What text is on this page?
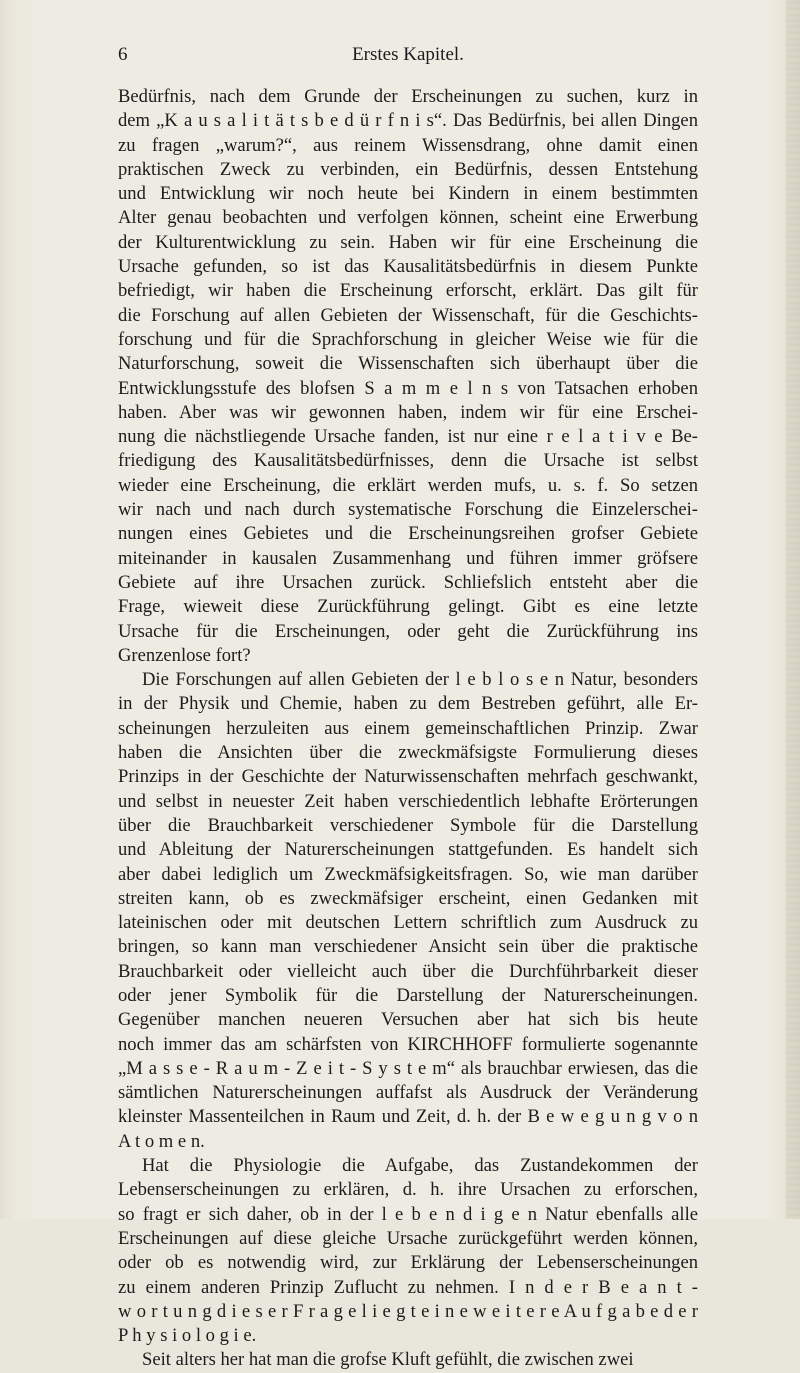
6	Erstes Kapitel.
Bedürfnis, nach dem Grunde der Erscheinungen zu suchen, kurz in
dem „K a u s a l i t ä t s b e d ü r f n i s“. Das Bedürfnis, bei allen Dingen
zu fragen „warum?“, aus reinem Wissensdrang, ohne damit einen
praktischen Zweck zu verbinden, ein Bedürfnis, dessen Entstehung
und Entwicklung wir noch heute bei Kindern in einem bestimmten
Alter genau beobachten und verfolgen können, scheint eine Erwerbung
der Kulturentwicklung zu sein. Haben wir für eine Erscheinung die
Ursache gefunden, so ist das Kausalitätsbedürfnis in diesem Punkte
befriedigt, wir haben die Erscheinung erforscht, erklärt. Das gilt für
die Forschung auf allen Gebieten der Wissenschaft, für die Geschichts-
forschung und für die Sprachforschung in gleicher Weise wie für die
Naturforschung, soweit die Wissenschaften sich überhaupt über die
Entwicklungsstufe des blofsen S a m m e l n s von Tatsachen erhoben
haben. Aber was wir gewonnen haben, indem wir für eine Erschei-
nung die nächstliegende Ursache fanden, ist nur eine r e l a t i v e Be-
friedigung des Kausalitätsbedürfnisses, denn die Ursache ist selbst
wieder eine Erscheinung, die erklärt werden mufs, u. s. f. So setzen
wir nach und nach durch systematische Forschung die Einzelerschei-
nungen eines Gebietes und die Erscheinungsreihen grofser Gebiete
miteinander in kausalen Zusammenhang und führen immer gröfsere
Gebiete auf ihre Ursachen zurück. Schliefslich entsteht aber die
Frage, wieweit diese Zurückführung gelingt. Gibt es eine letzte
Ursache für die Erscheinungen, oder geht die Zurückführung ins
Grenzenlose fort?
Die Forschungen auf allen Gebieten der l e b l o s e n Natur, besonders
in der Physik und Chemie, haben zu dem Bestreben geführt, alle Er-
scheinungen herzuleiten aus einem gemeinschaftlichen Prinzip. Zwar
haben die Ansichten über die zweckmäfsigste Formulierung dieses
Prinzips in der Geschichte der Naturwissenschaften mehrfach geschwankt,
und selbst in neuester Zeit haben verschiedentlich lebhafte Erörterungen
über die Brauchbarkeit verschiedener Symbole für die Darstellung
und Ableitung der Naturerscheinungen stattgefunden. Es handelt sich
aber dabei lediglich um Zweckmäfsigkeitsfragen. So, wie man darüber
streiten kann, ob es zweckmäfsiger erscheint, einen Gedanken mit
lateinischen oder mit deutschen Lettern schriftlich zum Ausdruck zu
bringen, so kann man verschiedener Ansicht sein über die praktische
Brauchbarkeit oder vielleicht auch über die Durchführbarkeit dieser
oder jener Symbolik für die Darstellung der Naturerscheinungen.
Gegenüber manchen neueren Versuchen aber hat sich bis heute
noch immer das am schärfsten von KIRCHHOFF formulierte sogenannte
„M a s s e - R a u m - Z e i t - S y s t e m“ als brauchbar erwiesen, das die
sämtlichen Naturerscheinungen auffafst als Ausdruck der Veränderung
kleinster Massenteilchen in Raum und Zeit, d. h. der B e w e g u n g v o n
A t o m e n.
Hat die Physiologie die Aufgabe, das Zustandekommen der
Lebenserscheinungen zu erklären, d. h. ihre Ursachen zu erforschen,
so fragt er sich daher, ob in der l e b e n d i g e n Natur ebenfalls alle
Erscheinungen auf diese gleiche Ursache zurückgeführt werden können,
oder ob es notwendig wird, zur Erklärung der Lebenserscheinungen
zu einem anderen Prinzip Zuflucht zu nehmen. I n d e r B e a n t -
w o r t u n g d i e s e r F r a g e l i e g t e i n e w e i t e r e A u f g a b e d e r
P h y s i o l o g i e.
Seit alters her hat man die grofse Kluft gefühlt, die zwischen zwei
